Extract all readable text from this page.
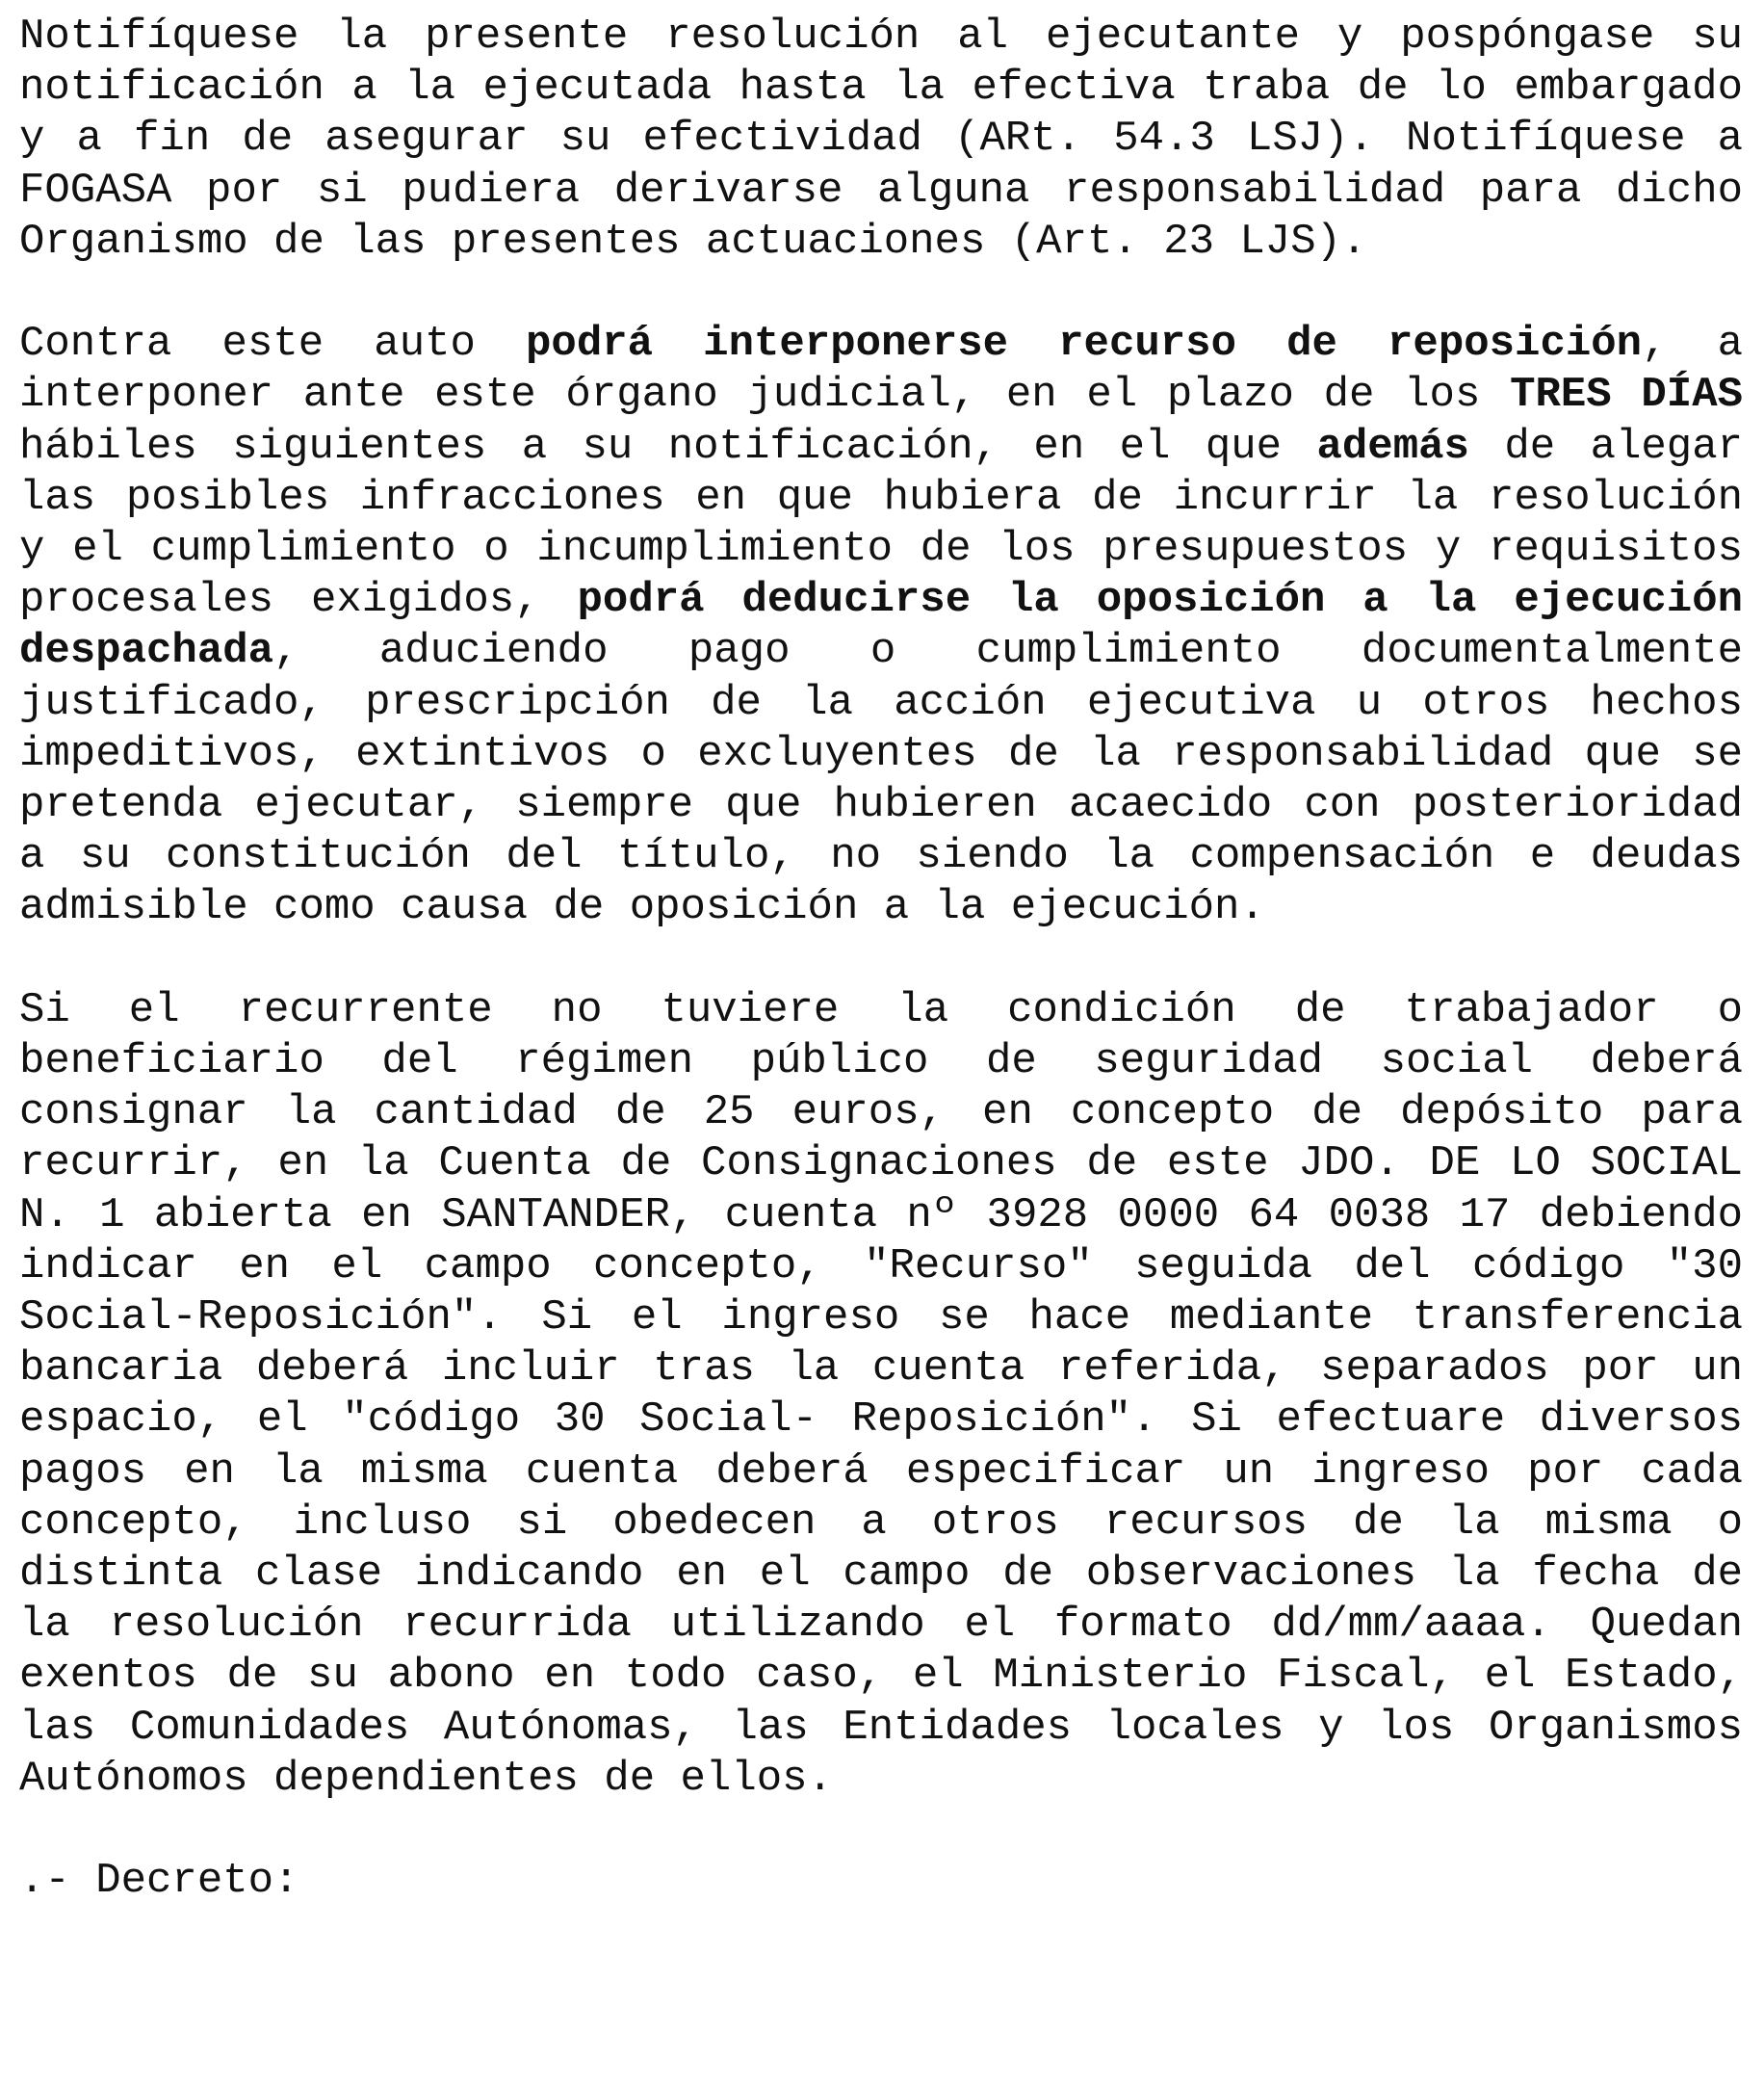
Notifíquese la presente resolución al ejecutante y pospóngase su notificación a la ejecutada hasta la efectiva traba de lo embargado y a fin de asegurar su efectividad (ARt. 54.3 LSJ). Notifíquese a FOGASA por si pudiera derivarse alguna responsabilidad para dicho Organismo de las presentes actuaciones (Art. 23 LJS).

Contra este auto podrá interponerse recurso de reposición, a interponer ante este órgano judicial, en el plazo de los TRES DÍAS hábiles siguientes a su notificación, en el que además de alegar las posibles infracciones en que hubiera de incurrir la resolución y el cumplimiento o incumplimiento de los presupuestos y requisitos procesales exigidos, podrá deducirse la oposición a la ejecución despachada, aduciendo pago o cumplimiento documentalmente justificado, prescripción de la acción ejecutiva u otros hechos impeditivos, extintivos o excluyentes de la responsabilidad que se pretenda ejecutar, siempre que hubieren acaecido con posterioridad a su constitución del título, no siendo la compensación e deudas admisible como causa de oposición a la ejecución.

Si el recurrente no tuviere la condición de trabajador o beneficiario del régimen público de seguridad social deberá consignar la cantidad de 25 euros, en concepto de depósito para recurrir, en la Cuenta de Consignaciones de este JDO. DE LO SOCIAL N. 1 abierta en SANTANDER, cuenta nº 3928 0000 64 0038 17 debiendo indicar en el campo concepto, "Recurso" seguida del código "30 Social-Reposición". Si el ingreso se hace mediante transferencia bancaria deberá incluir tras la cuenta referida, separados por un espacio, el "código 30 Social- Reposición". Si efectuare diversos pagos en la misma cuenta deberá especificar un ingreso por cada concepto, incluso si obedecen a otros recursos de la misma o distinta clase indicando en el campo de observaciones la fecha de la resolución recurrida utilizando el formato dd/mm/aaaa. Quedan exentos de su abono en todo caso, el Ministerio Fiscal, el Estado, las Comunidades Autónomas, las Entidades locales y los Organismos Autónomos dependientes de ellos.

.- Decreto:
